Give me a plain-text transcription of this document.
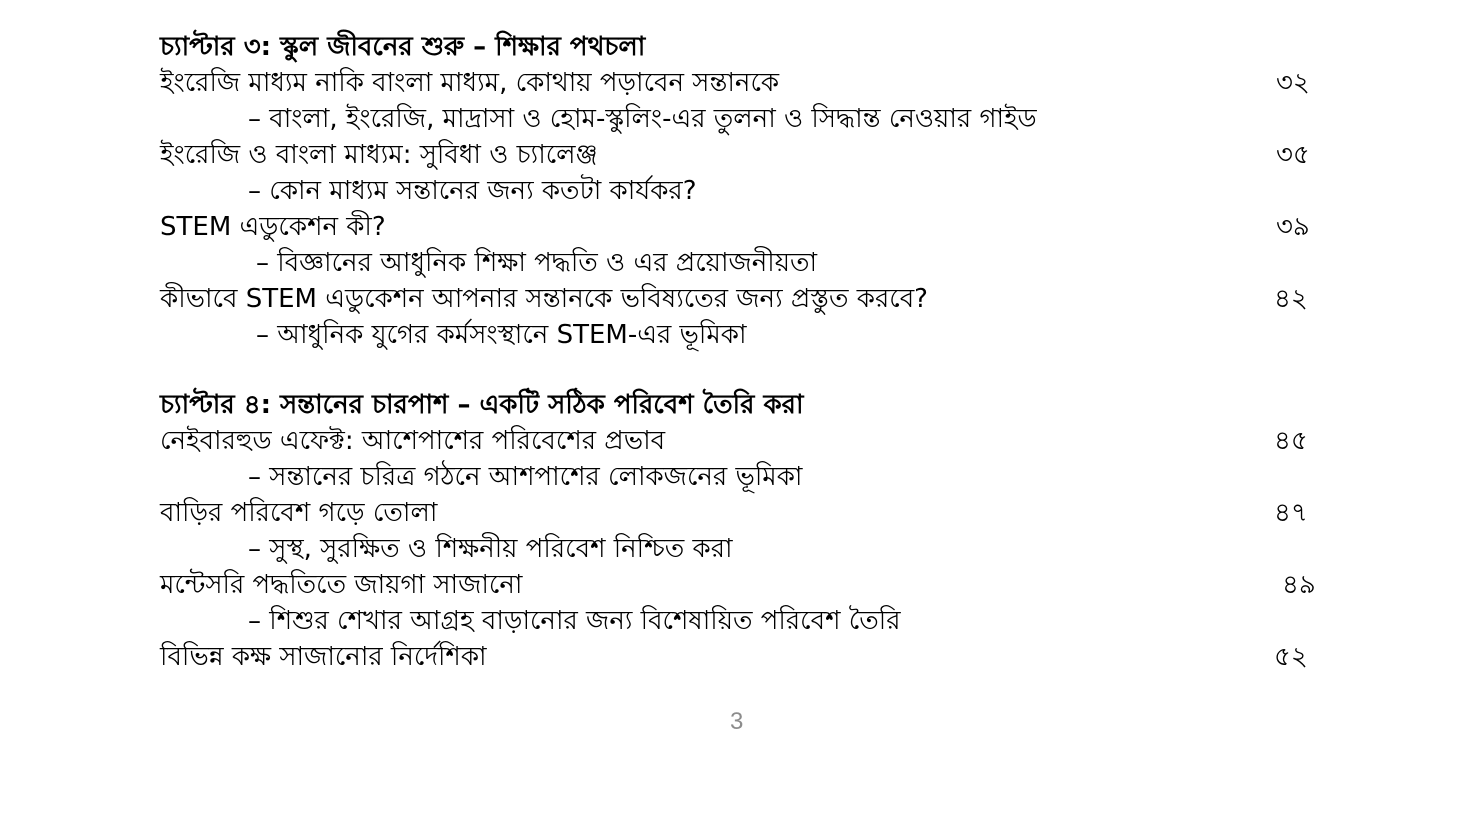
চ্যাপ্টার ৩: স্কুল জীবনের শুরু – শিক্ষার পথচলা
ইংরেজি মাধ্যম নাকি বাংলা মাধ্যম, কোথায় পড়াবেন সন্তানকে	৩২
– বাংলা, ইংরেজি, মাদ্রাসা ও হোম-স্কুলিং-এর তুলনা ও সিদ্ধান্ত নেওয়ার গাইড
ইংরেজি ও বাংলা মাধ্যম: সুবিধা ও চ্যালেঞ্জ	৩৫
– কোন মাধ্যম সন্তানের জন্য কতটা কার্যকর?
STEM এডুকেশন কী?	৩৯
– বিজ্ঞানের আধুনিক শিক্ষা পদ্ধতি ও এর প্রয়োজনীয়তা
কীভাবে STEM এডুকেশন আপনার সন্তানকে ভবিষ্যতের জন্য প্রস্তুত করবে?	৪২
– আধুনিক যুগের কর্মসংস্থানে STEM-এর ভূমিকা
চ্যাপ্টার ৪: সন্তানের চারপাশ – একটি সঠিক পরিবেশ তৈরি করা
নেইবারহুড এফেক্ট: আশেপাশের পরিবেশের প্রভাব	৪৫
– সন্তানের চরিত্র গঠনে আশপাশের লোকজনের ভূমিকা
বাড়ির পরিবেশ গড়ে তোলা	৪৭
– সুস্থ, সুরক্ষিত ও শিক্ষনীয় পরিবেশ নিশ্চিত করা
মন্টেসরি পদ্ধতিতে জায়গা সাজানো	৪৯
– শিশুর শেখার আগ্রহ বাড়ানোর জন্য বিশেষায়িত পরিবেশ তৈরি
বিভিন্ন কক্ষ সাজানোর নির্দেশিকা	৫২
3
